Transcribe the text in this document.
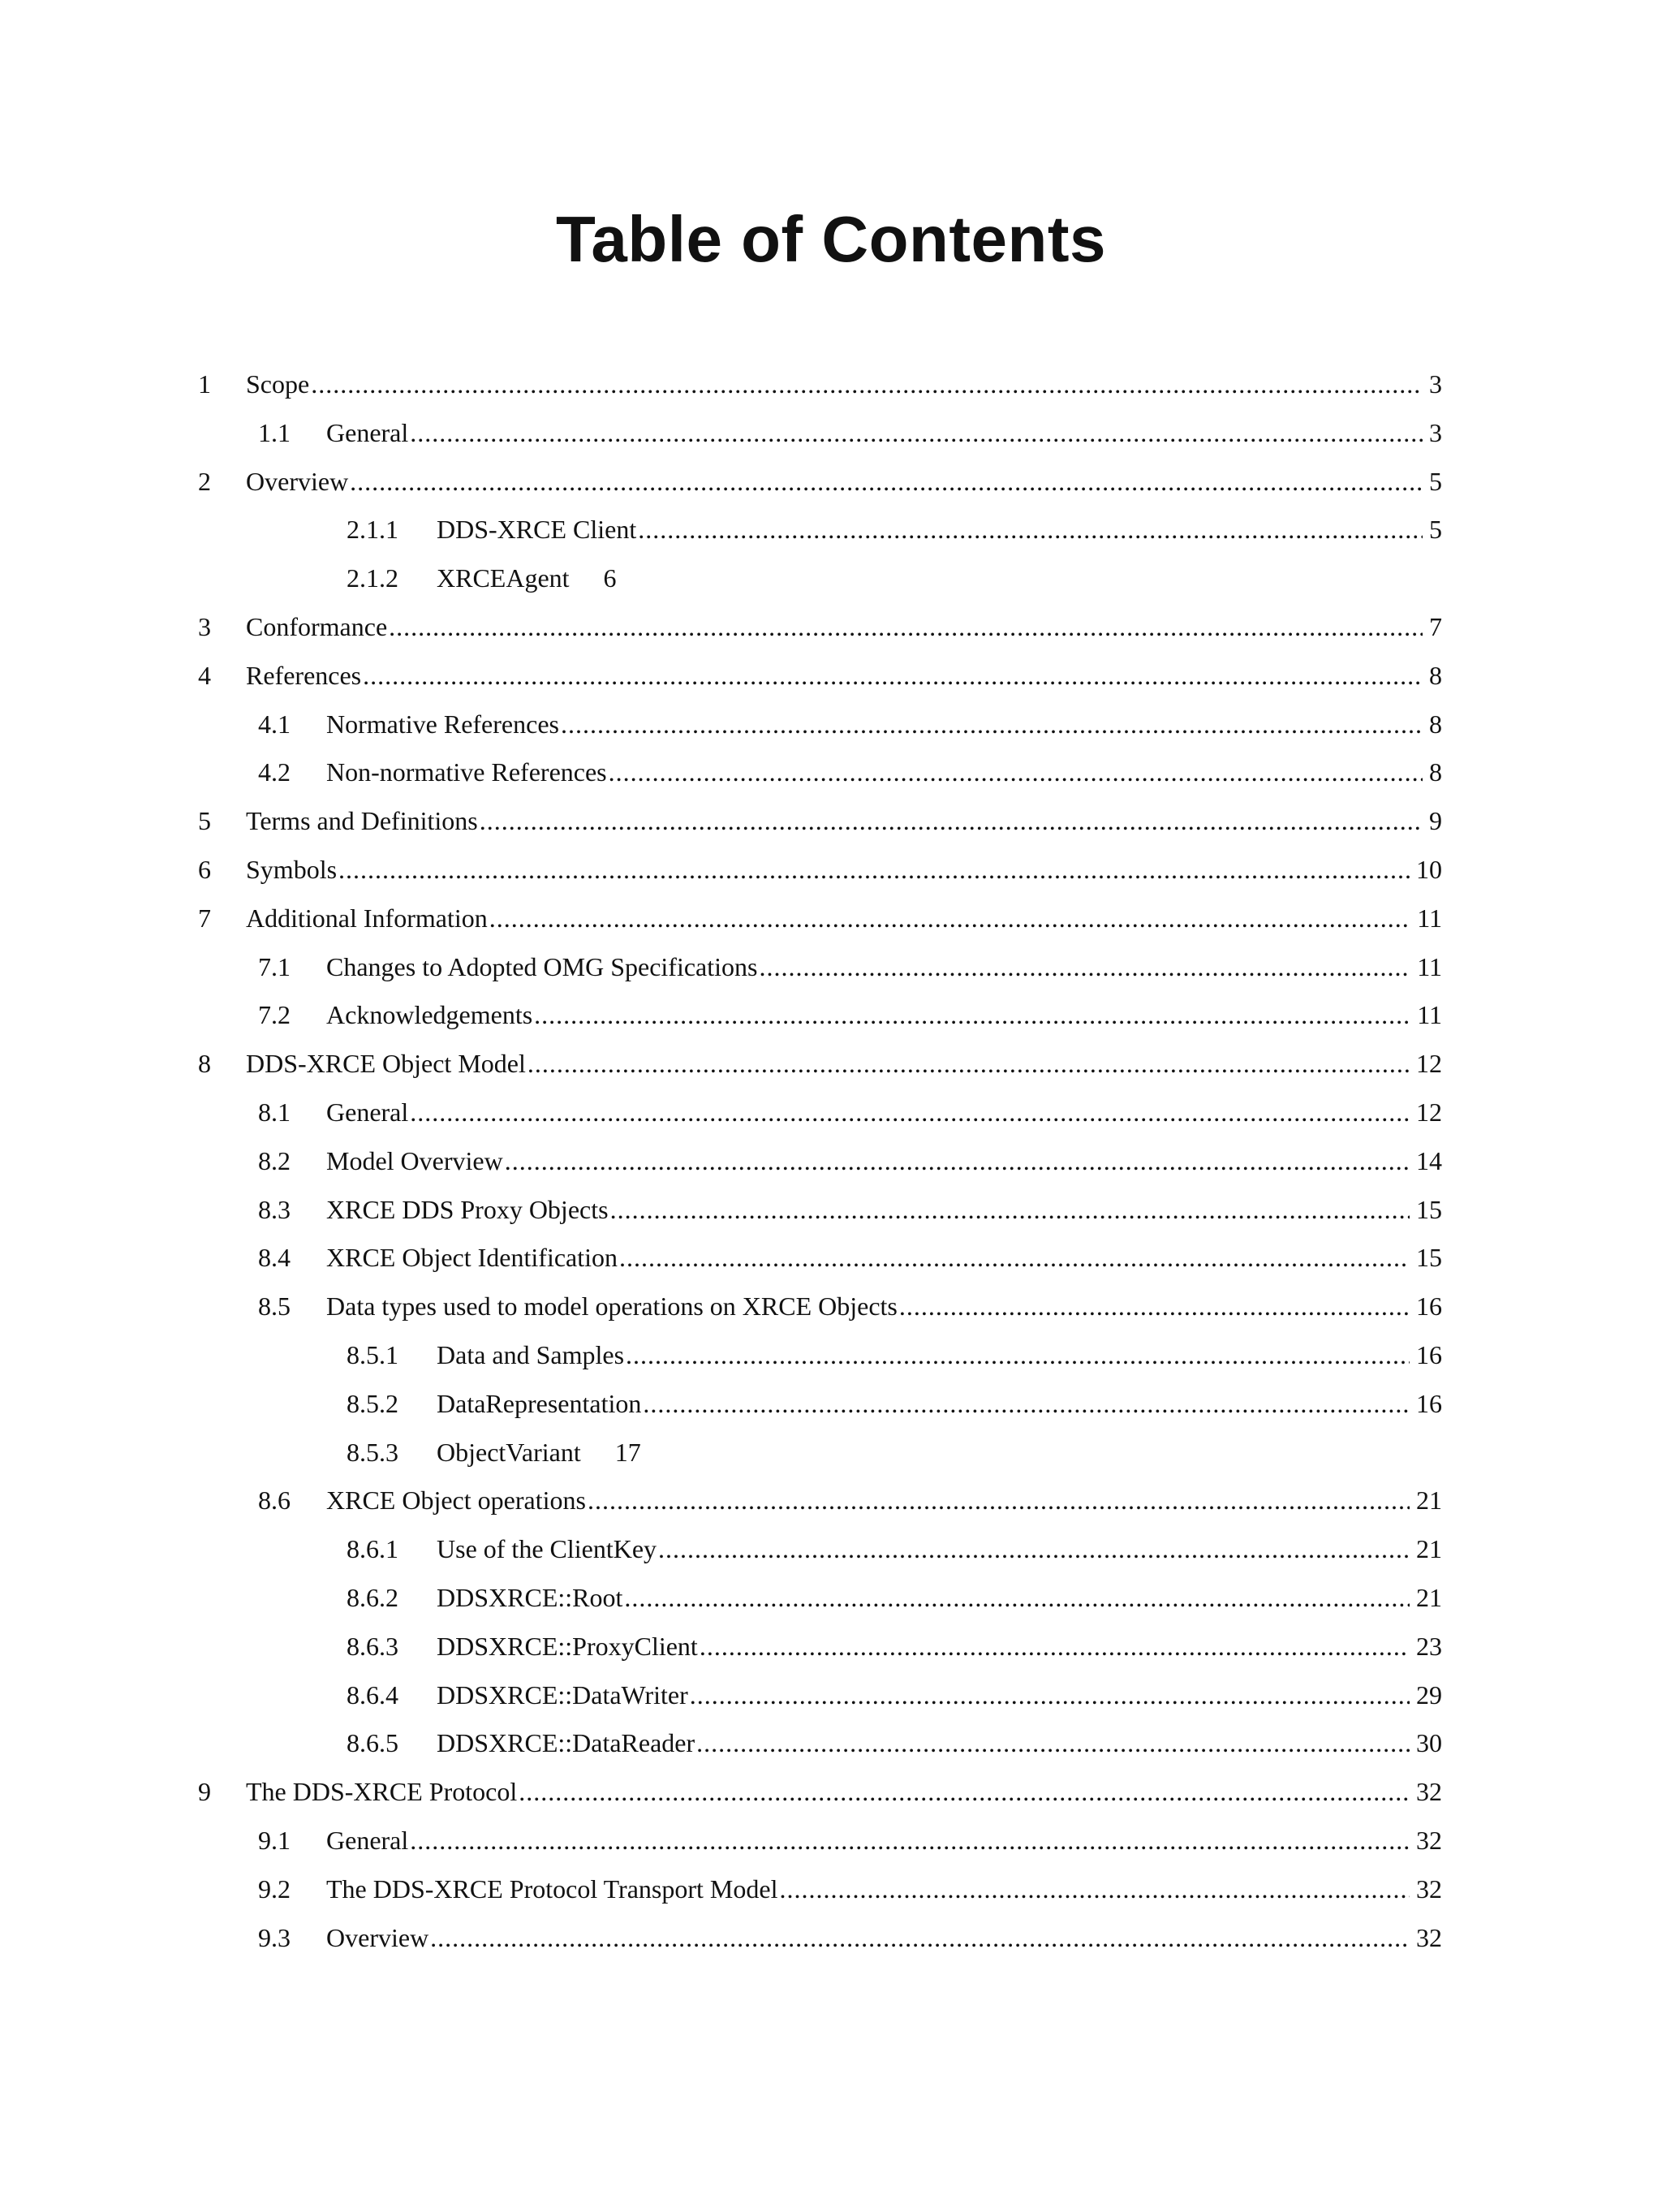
Table of Contents
1 Scope .....	3
1.1 General .....	3
2 Overview .....	5
2.1.1 DDS-XRCE Client .....	5
2.1.2 XRCEAgent	6
3 Conformance .....	7
4 References .....	8
4.1 Normative References .....	8
4.2 Non-normative References .....	8
5 Terms and Definitions .....	9
6 Symbols .....	10
7 Additional Information .....	11
7.1 Changes to Adopted OMG Specifications .....	11
7.2 Acknowledgements .....	11
8 DDS-XRCE Object Model .....	12
8.1 General .....	12
8.2 Model Overview .....	14
8.3 XRCE DDS Proxy Objects .....	15
8.4 XRCE Object Identification .....	15
8.5 Data types used to model operations on XRCE Objects .....	16
8.5.1 Data and Samples .....	16
8.5.2 DataRepresentation .....	16
8.5.3 ObjectVariant	17
8.6 XRCE Object operations .....	21
8.6.1 Use of the ClientKey .....	21
8.6.2 DDSXRCE::Root .....	21
8.6.3 DDSXRCE::ProxyClient .....	23
8.6.4 DDSXRCE::DataWriter .....	29
8.6.5 DDSXRCE::DataReader .....	30
9 The DDS-XRCE Protocol .....	32
9.1 General .....	32
9.2 The DDS-XRCE Protocol Transport Model .....	32
9.3 Overview .....	32
